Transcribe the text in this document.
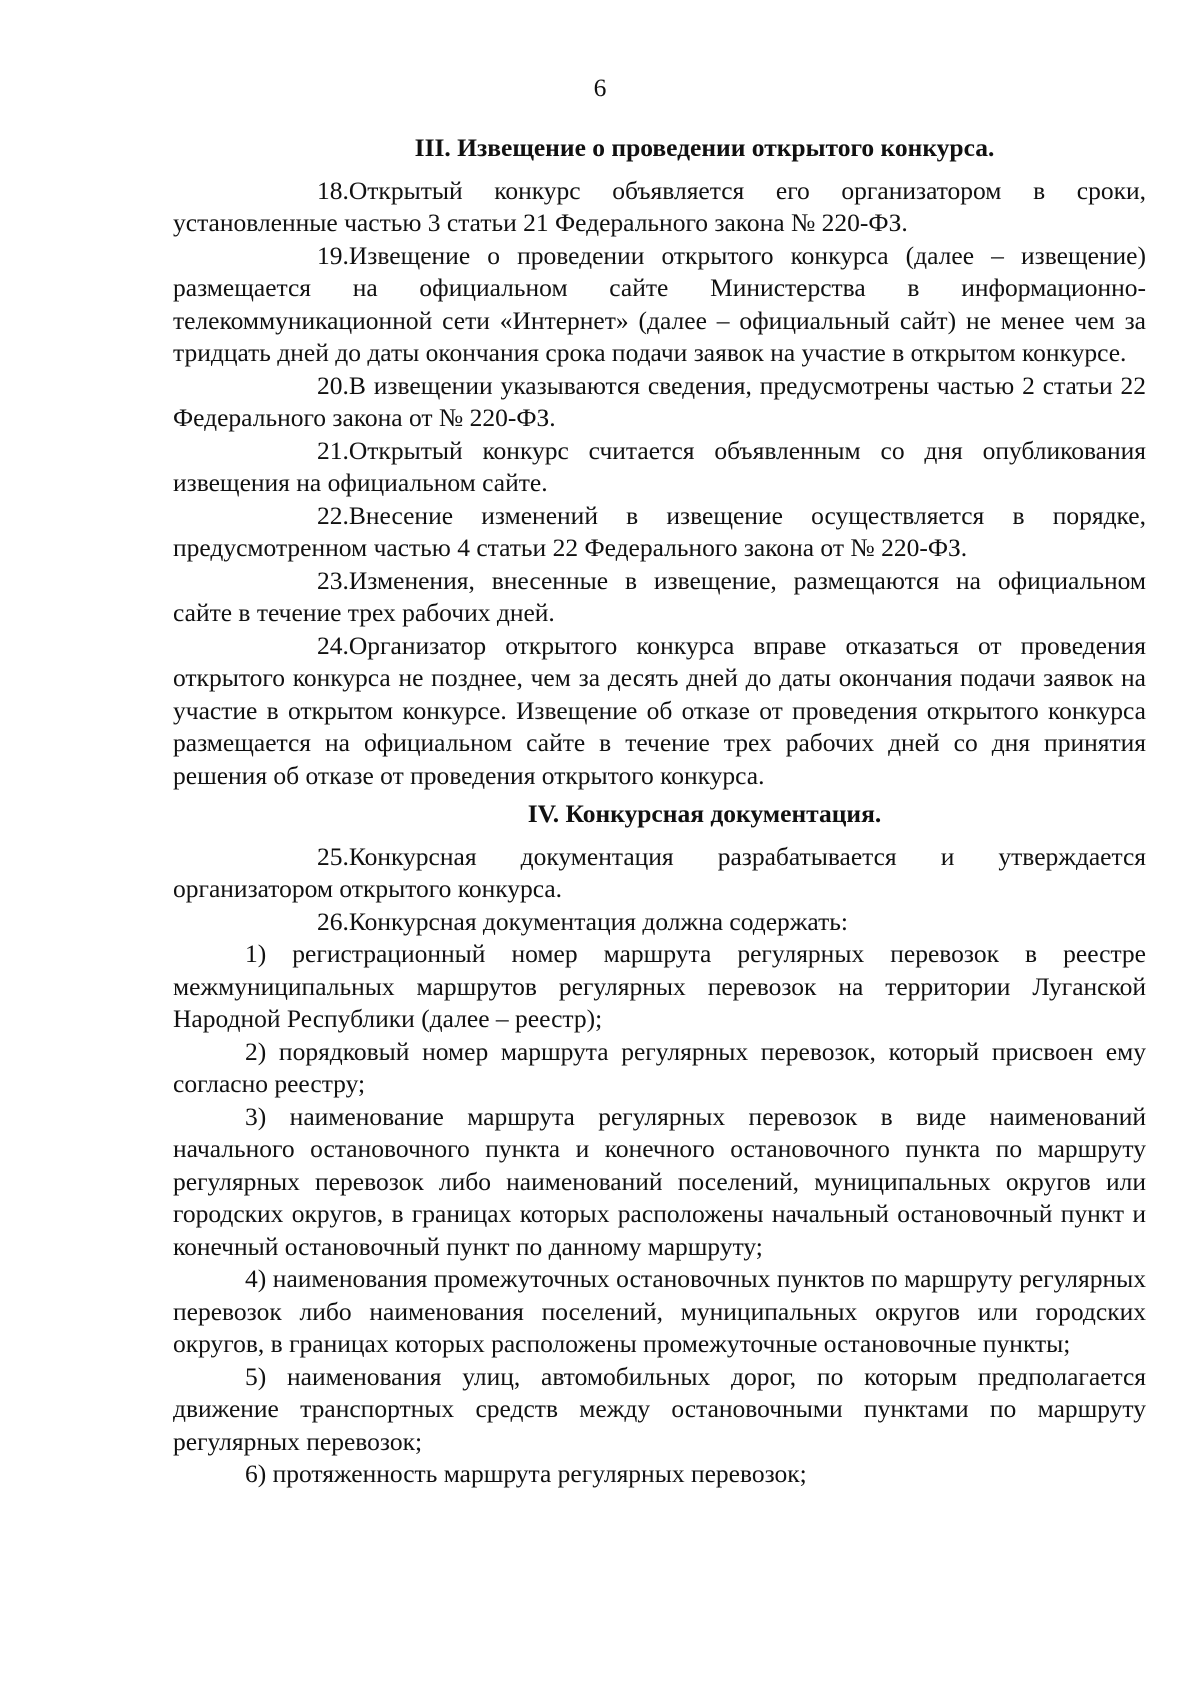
6

III. Извещение о проведении открытого конкурса.

18.Открытый конкурс объявляется его организатором в сроки, установленные частью 3 статьи 21 Федерального закона № 220-ФЗ.

19.Извещение о проведении открытого конкурса (далее – извещение) размещается на официальном сайте Министерства в информационно-телекоммуникационной сети «Интернет» (далее – официальный сайт) не менее чем за тридцать дней до даты окончания срока подачи заявок на участие в открытом конкурсе.

20.В извещении указываются сведения, предусмотрены частью 2 статьи 22 Федерального закона от № 220-ФЗ.

21.Открытый конкурс считается объявленным со дня опубликования извещения на официальном сайте.

22.Внесение изменений в извещение осуществляется в порядке, предусмотренном частью 4 статьи 22 Федерального закона от № 220-ФЗ.

23.Изменения, внесенные в извещение, размещаются на официальном сайте в течение трех рабочих дней.

24.Организатор открытого конкурса вправе отказаться от проведения открытого конкурса не позднее, чем за десять дней до даты окончания подачи заявок на участие в открытом конкурсе. Извещение об отказе от проведения открытого конкурса размещается на официальном сайте в течение трех рабочих дней со дня принятия решения об отказе от проведения открытого конкурса.

IV. Конкурсная документация.

25.Конкурсная документация разрабатывается и утверждается организатором открытого конкурса.

26.Конкурсная документация должна содержать:

1) регистрационный номер маршрута регулярных перевозок в реестре межмуниципальных маршрутов регулярных перевозок на территории Луганской Народной Республики (далее – реестр);

2) порядковый номер маршрута регулярных перевозок, который присвоен ему согласно реестру;

3) наименование маршрута регулярных перевозок в виде наименований начального остановочного пункта и конечного остановочного пункта по маршруту регулярных перевозок либо наименований поселений, муниципальных округов или городских округов, в границах которых расположены начальный остановочный пункт и конечный остановочный пункт по данному маршруту;

4) наименования промежуточных остановочных пунктов по маршруту регулярных перевозок либо наименования поселений, муниципальных округов или городских округов, в границах которых расположены промежуточные остановочные пункты;

5) наименования улиц, автомобильных дорог, по которым предполагается движение транспортных средств между остановочными пунктами по маршруту регулярных перевозок;

6) протяженность маршрута регулярных перевозок;
